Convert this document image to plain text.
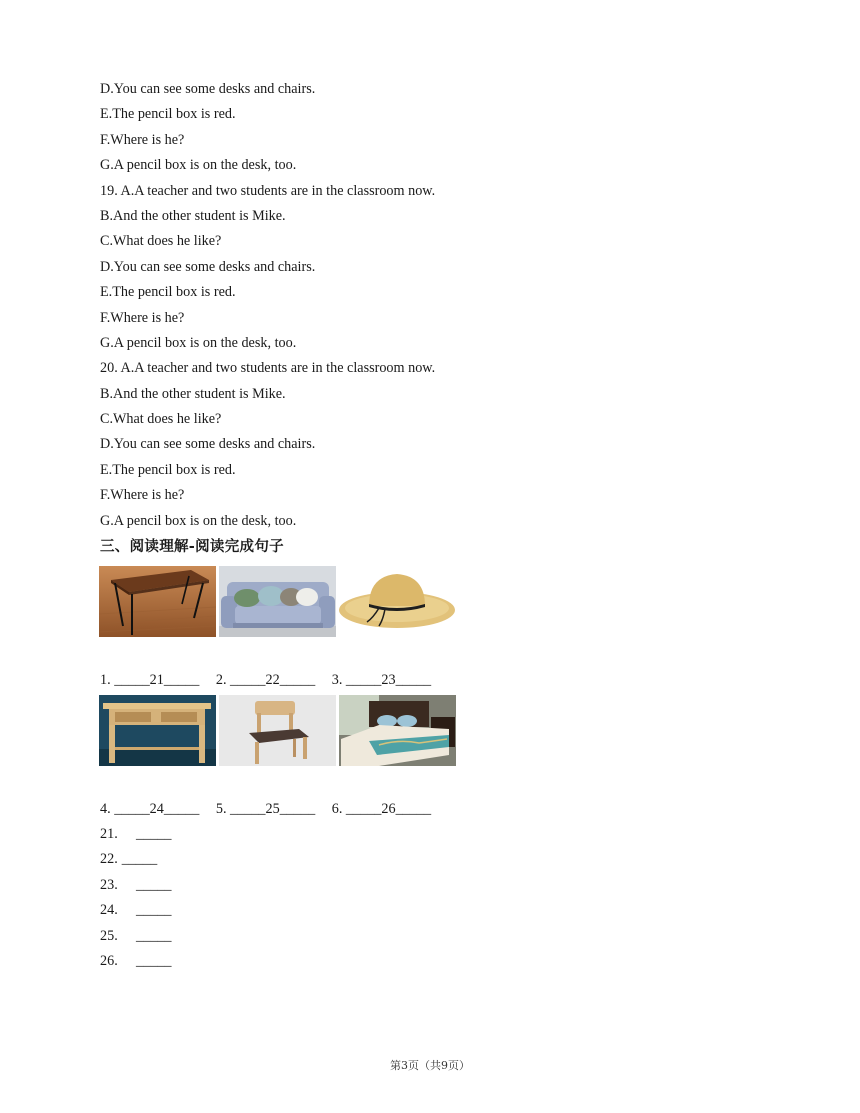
D.You can see some desks and chairs.
E.The pencil box is red.
F.Where is he?
G.A pencil box is on the desk, too.
19. A.A teacher and two students are in the classroom now.
B.And the other student is Mike.
C.What does he like?
D.You can see some desks and chairs.
E.The pencil box is red.
F.Where is he?
G.A pencil box is on the desk, too.
20. A.A teacher and two students are in the classroom now.
B.And the other student is Mike.
C.What does he like?
D.You can see some desks and chairs.
E.The pencil box is red.
F.Where is he?
G.A pencil box is on the desk, too.
三、阅读理解-阅读完成句子
1. _____21_____ 2. _____22_____ 3. _____23_____
4. _____24_____ 5. _____25_____ 6. _____26_____
21. _____
22. _____
23. _____
24. _____
25. _____
26. _____
第3页（共9页）
